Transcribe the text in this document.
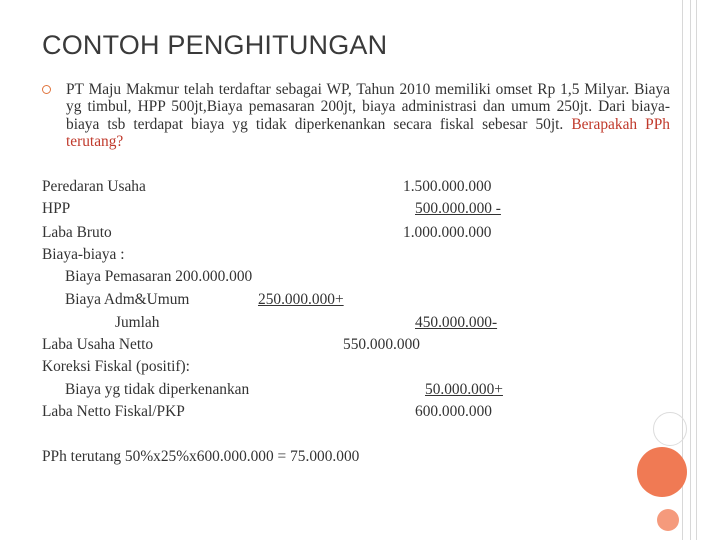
CONTOH PENGHITUNGAN
PT Maju Makmur telah terdaftar sebagai WP, Tahun 2010 memiliki omset Rp 1,5 Milyar. Biaya yg timbul, HPP 500jt,Biaya pemasaran 200jt, biaya administrasi dan umum 250jt. Dari biaya-biaya tsb terdapat biaya yg tidak diperkenankan secara fiskal sebesar 50jt. Berapakah PPh terutang?
Peredaran Usaha	1.500.000.000
HPP	500.000.000 -
Laba Bruto	1.000.000.000
Biaya-biaya :
Biaya Pemasaran 200.000.000
Biaya Adm&Umum	250.000.000+
Jumlah	450.000.000-
Laba Usaha Netto	550.000.000
Koreksi Fiskal (positif):
Biaya yg tidak diperkenankan	50.000.000+
Laba Netto Fiskal/PKP	600.000.000
PPh terutang 50%x25%x600.000.000 = 75.000.000
